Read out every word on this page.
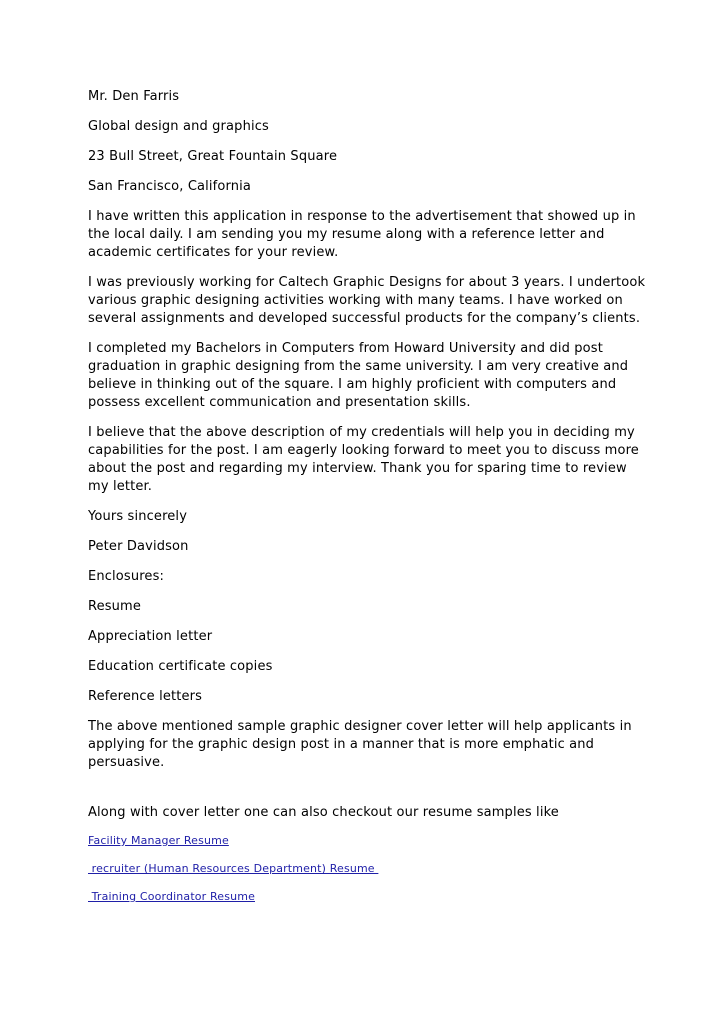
Mr. Den Farris
Global design and graphics
23 Bull Street, Great Fountain Square
San Francisco, California

I have written this application in response to the advertisement that showed up in the local daily. I am sending you my resume along with a reference letter and academic certificates for your review.

I was previously working for Caltech Graphic Designs for about 3 years. I undertook various graphic designing activities working with many teams. I have worked on several assignments and developed successful products for the company’s clients.

I completed my Bachelors in Computers from Howard University and did post graduation in graphic designing from the same university. I am very creative and believe in thinking out of the square. I am highly proficient with computers and possess excellent communication and presentation skills.

I believe that the above description of my credentials will help you in deciding my capabilities for the post. I am eagerly looking forward to meet you to discuss more about the post and regarding my interview. Thank you for sparing time to review my letter.

Yours sincerely
Peter Davidson
Enclosures:
Resume
Appreciation letter
Education certificate copies
Reference letters

The above mentioned sample graphic designer cover letter will help applicants in applying for the graphic design post in a manner that is more emphatic and persuasive.

Along with cover letter one can also checkout our resume samples like
Facility Manager Resume
recruiter (Human Resources Department) Resume
Training Coordinator Resume
